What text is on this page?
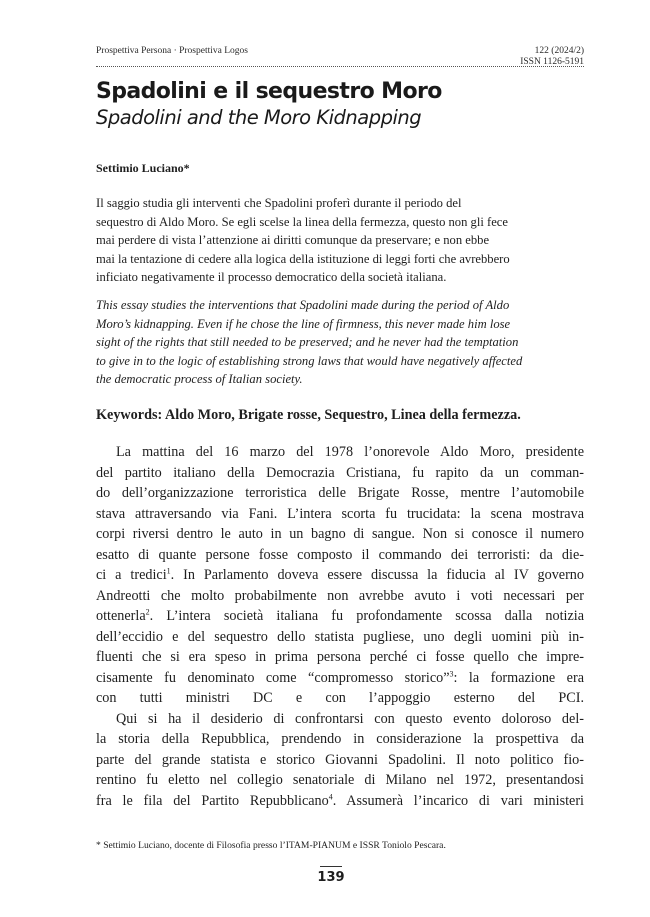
Prospettiva Persona · Prospettiva Logos	122 (2024/2)
ISSN 1126-5191
Spadolini e il sequestro Moro
Spadolini and the Moro Kidnapping
Settimio Luciano*
Il saggio studia gli interventi che Spadolini proferì durante il periodo del
sequestro di Aldo Moro. Se egli scelse la linea della fermezza, questo non gli fece
mai perdere di vista l’attenzione ai diritti comunque da preservare; e non ebbe
mai la tentazione di cedere alla logica della istituzione di leggi forti che avrebbero
inficiato negativamente il processo democratico della società italiana.
This essay studies the interventions that Spadolini made during the period of Aldo
Moro’s kidnapping. Even if he chose the line of firmness, this never made him lose
sight of the rights that still needed to be preserved; and he never had the temptation
to give in to the logic of establishing strong laws that would have negatively affected
the democratic process of Italian society.
Keywords: Aldo Moro, Brigate rosse, Sequestro, Linea della fermezza.
La mattina del 16 marzo del 1978 l’onorevole Aldo Moro, presidente
del partito italiano della Democrazia Cristiana, fu rapito da un comman-
do dell’organizzazione terroristica delle Brigate Rosse, mentre l’automobile
stava attraversando via Fani. L’intera scorta fu trucidata: la scena mostrava
corpi riversi dentro le auto in un bagno di sangue. Non si conosce il numero
esatto di quante persone fosse composto il commando dei terroristi: da die-
ci a tredici$^1$. In Parlamento doveva essere discussa la fiducia al IV governo
Andreotti che molto probabilmente non avrebbe avuto i voti necessari per
ottenerla$^2$. L’intera società italiana fu profondamente scossa dalla notizia
dell’eccidio e del sequestro dello statista pugliese, uno degli uomini più in-
fluenti che si era speso in prima persona perché ci fosse quello che impre-
cisamente fu denominato come “compromesso storico”$^3$: la formazione era
con tutti ministri DC e con l’appoggio esterno del PCI.
Qui si ha il desiderio di confrontarsi con questo evento doloroso del-
la storia della Repubblica, prendendo in considerazione la prospettiva da
parte del grande statista e storico Giovanni Spadolini. Il noto politico fio-
rentino fu eletto nel collegio senatoriale di Milano nel 1972, presentandosi
fra le fila del Partito Repubblicano$^4$. Assumerà l’incarico di vari ministeri
* Settimio Luciano, docente di Filosofia presso l’ITAM-PIANUM e ISSR Toniolo Pescara.
139
